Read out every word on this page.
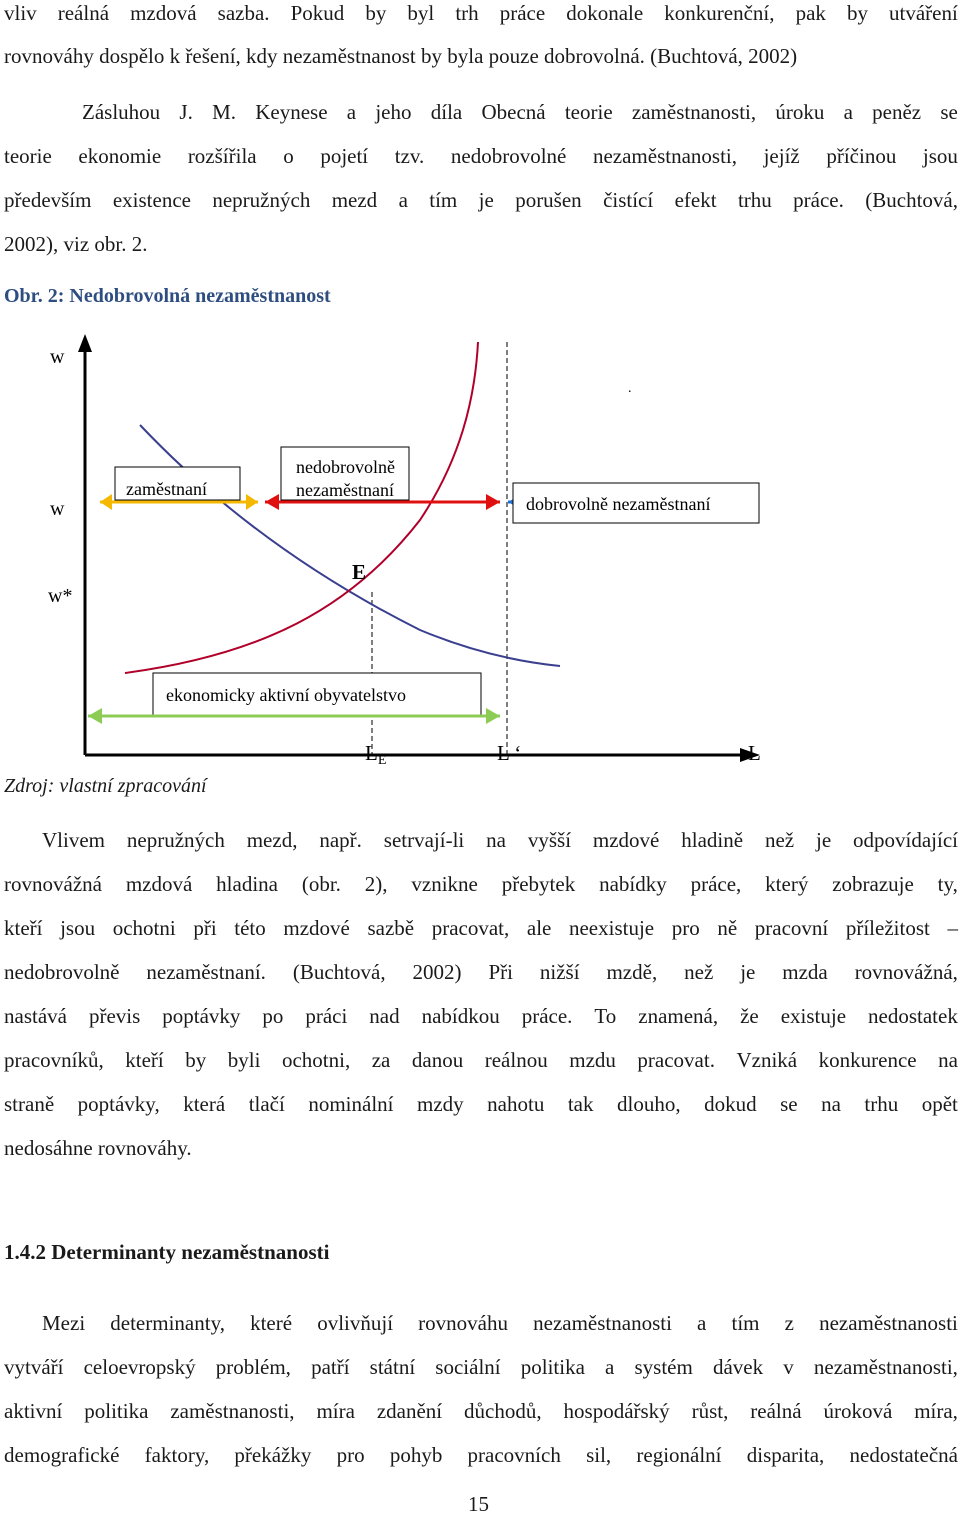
vliv reálná mzdová sazba. Pokud by byl trh práce dokonale konkurenční, pak by utváření
rovnováhy dospělo k řešení, kdy nezaměstnanost by byla pouze dobrovolná. (Buchtová, 2002)
Zásluhou J. M. Keynese a jeho díla Obecná teorie zaměstnanosti, úroku a peněz se
teorie ekonomie rozšířila o pojetí tzv. nedobrovolné nezaměstnanosti, jejíž příčinou jsou
především existence nepružných mezd a tím je porušen čistící efekt trhu práce. (Buchtová,
2002), viz obr. 2.
Obr. 2: Nedobrovolná nezaměstnanost
w
w
w*
.
zaměstnaní
nedobrovolně
nezaměstnaní
dobrovolně nezaměstnaní
E
ekonomicky aktivní obyvatelstvo
LE	L ‘	L
Zdroj: vlastní zpracování
Vlivem nepružných mezd, např. setrvají-li na vyšší mzdové hladině než je odpovídající
rovnovážná mzdová hladina (obr. 2), vznikne přebytek nabídky práce, který zobrazuje ty,
kteří jsou ochotni při této mzdové sazbě pracovat, ale neexistuje pro ně pracovní příležitost –
nedobrovolně nezaměstnaní. (Buchtová, 2002) Při nižší mzdě, než je mzda rovnovážná,
nastává převis poptávky po práci nad nabídkou práce. To znamená, že existuje nedostatek
pracovníků, kteří by byli ochotni, za danou reálnou mzdu pracovat. Vzniká konkurence na
straně poptávky, která tlačí nominální mzdy nahotu tak dlouho, dokud se na trhu opět
nedosáhne rovnováhy.
1.4.2 Determinanty nezaměstnanosti
Mezi determinanty, které ovlivňují rovnováhu nezaměstnanosti a tím z nezaměstnanosti
vytváří celoevropský problém, patří státní sociální politika a systém dávek v nezaměstnanosti,
aktivní politika zaměstnanosti, míra zdanění důchodů, hospodářský růst, reálná úroková míra,
demografické faktory, překážky pro pohyb pracovních sil, regionální disparita, nedostatečná
15
